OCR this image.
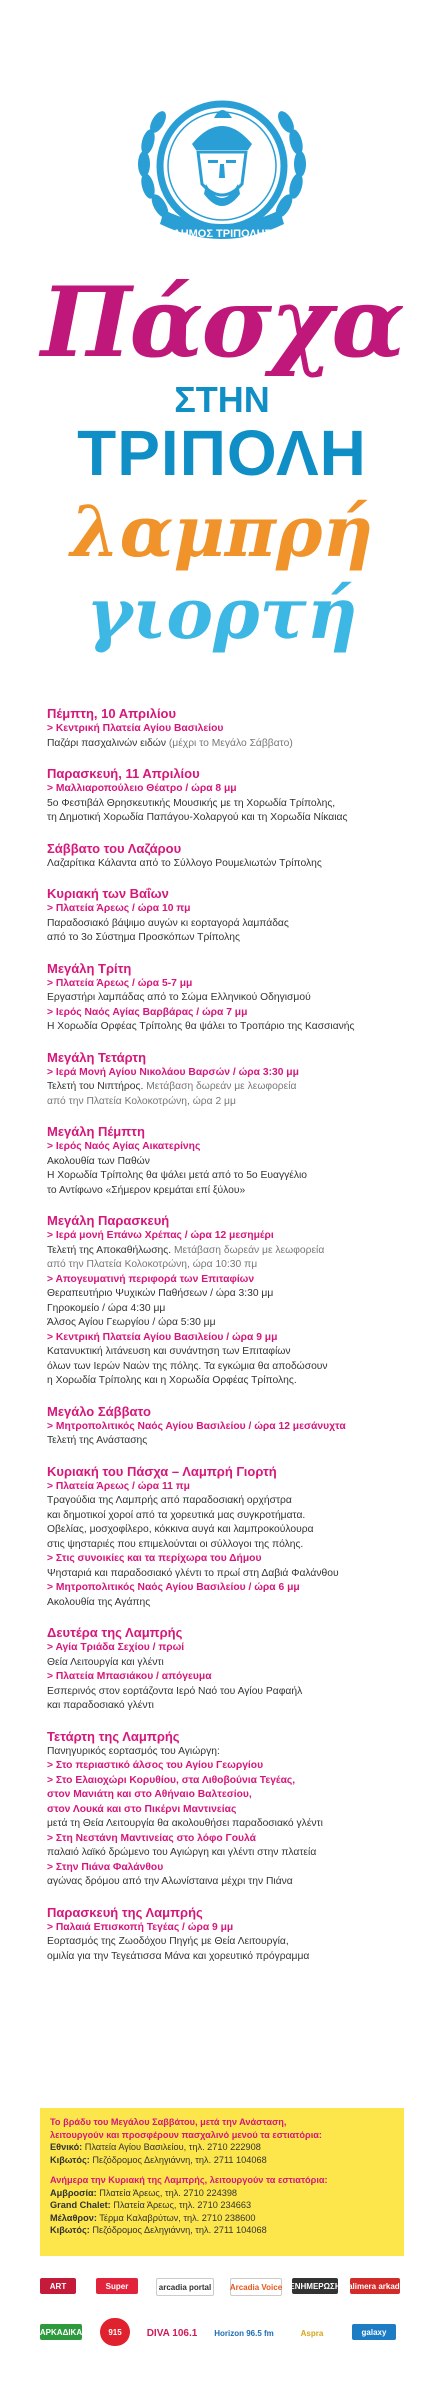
ΔΗΜΟΣ ΤΡΙΠΟΛΗΣ
Πάσχα
ΣΤΗΝ
ΤΡΙΠΟΛΗ
λαμπρή
γιορτή

Πέμπτη, 10 Απριλίου

> Κεντρική Πλατεία Αγίου Βασιλείου

Παζάρι πασχαλινών ειδών (μέχρι το Μεγάλο Σάββατο)

Παρασκευή, 11 Απριλίου

> Μαλλιαροπούλειο Θέατρο / ώρα 8 μμ

5ο Φεστιβάλ Θρησκευτικής Μουσικής με τη Χορωδία Τρίπολης,

τη Δημοτική Χορωδία Παπάγου-Χολαργού και τη Χορωδία Νίκαιας

Σάββατο του Λαζάρου

Λαζαρίτικα Κάλαντα από το Σύλλογο Ρουμελιωτών Τρίπολης

Κυριακή των Βαΐων

> Πλατεία Άρεως / ώρα 10 πμ

Παραδοσιακό βάψιμο αυγών κι εορταγορά λαμπάδας

από το 3ο Σύστημα Προσκόπων Τρίπολης

Μεγάλη Τρίτη

> Πλατεία Άρεως / ώρα 5-7 μμ

Εργαστήρι λαμπάδας από το Σώμα Ελληνικού Οδηγισμού

> Ιερός Ναός Αγίας Βαρβάρας / ώρα 7 μμ

Η Χορωδία Ορφέας Τρίπολης θα ψάλει το Τροπάριο της Κασσιανής

Μεγάλη Τετάρτη

> Ιερά Μονή Αγίου Νικολάου Βαρσών / ώρα 3:30 μμ

Τελετή του Νιπτήρος. Μετάβαση δωρεάν με λεωφορεία

από την Πλατεία Κολοκοτρώνη, ώρα 2 μμ

Μεγάλη Πέμπτη

> Ιερός Ναός Αγίας Αικατερίνης

Ακολουθία των Παθών

Η Χορωδία Τρίπολης θα ψάλει μετά από το 5ο Ευαγγέλιο

το Αντίφωνο «Σήμερον κρεμάται επί ξύλου»

Μεγάλη Παρασκευή

> Ιερά μονή Επάνω Χρέπας / ώρα 12 μεσημέρι

Τελετή της Αποκαθήλωσης. Μετάβαση δωρεάν με λεωφορεία

από την Πλατεία Κολοκοτρώνη, ώρα 10:30 πμ

> Απογευματινή περιφορά των Επιταφίων

Θεραπευτήριο Ψυχικών Παθήσεων / ώρα 3:30 μμ

Γηροκομείο / ώρα 4:30 μμ

Άλσος Αγίου Γεωργίου / ώρα 5:30 μμ

> Κεντρική Πλατεία Αγίου Βασιλείου / ώρα 9 μμ

Κατανυκτική λιτάνευση και συνάντηση των Επιταφίων

όλων των Ιερών Ναών της πόλης. Τα εγκώμια θα αποδώσουν

η Χορωδία Τρίπολης και η Χορωδία Ορφέας Τρίπολης.

Μεγάλο Σάββατο

> Μητροπολιτικός Ναός Αγίου Βασιλείου / ώρα 12 μεσάνυχτα

Τελετή της Ανάστασης

Κυριακή του Πάσχα – Λαμπρή Γιορτή

> Πλατεία Άρεως / ώρα 11 πμ

Τραγούδια της Λαμπρής από παραδοσιακή ορχήστρα

και δημοτικοί χοροί από τα χορευτικά μας συγκροτήματα.

Οβελίας, μοσχοφίλερο, κόκκινα αυγά και λαμπροκούλουρα

στις ψησταριές που επιμελούνται οι σύλλογοι της πόλης.

> Στις συνοικίες και τα περίχωρα του Δήμου

Ψησταριά και παραδοσιακό γλέντι το πρωί στη Δαβιά Φαλάνθου

> Μητροπολιτικός Ναός Αγίου Βασιλείου / ώρα 6 μμ

Ακολουθία της Αγάπης

Δευτέρα της Λαμπρής

> Αγία Τριάδα Σεχίου / πρωί

Θεία Λειτουργία και γλέντι

> Πλατεία Μπασιάκου / απόγευμα

Εσπερινός στον εορτάζοντα Ιερό Ναό του Αγίου Ραφαήλ

και παραδοσιακό γλέντι

Τετάρτη της Λαμπρής

Πανηγυρικός εορτασμός του Αγιώργη:

> Στο περιαστικό άλσος του Αγίου Γεωργίου

> Στο Ελαιοχώρι Κορυθίου, στα Λιθοβούνια Τεγέας,

στον Μανιάτη και στο Αθήναιο Βαλτεσίου,

στον Λουκά και στο Πικέρνι Μαντινείας

μετά τη Θεία Λειτουργία θα ακολουθήσει παραδοσιακό γλέντι

> Στη Νεστάνη Μαντινείας στο λόφο Γουλά

παλαιό λαϊκό δρώμενο του Αγιώργη και γλέντι στην πλατεία

> Στην Πιάνα Φαλάνθου

αγώνας δρόμου από την Αλωνίσταινα μέχρι την Πιάνα

Παρασκευή της Λαμπρής

> Παλαιά Επισκοπή Τεγέας / ώρα 9 μμ

Εορτασμός της Ζωοδόχου Πηγής με Θεία Λειτουργία,

ομιλία για την Τεγεάτισσα Μάνα και χορευτικό πρόγραμμα

Το βράδυ του Μεγάλου Σαββάτου, μετά την Ανάσταση,

λειτουργούν και προσφέρουν πασχαλινό μενού τα εστιατόρια:

Εθνικό: Πλατεία Αγίου Βασιλείου, τηλ. 2710 222908

Κιβωτός: Πεζόδρομος Δεληγιάννη, τηλ. 2711 104068

Ανήμερα την Κυριακή της Λαμπρής, λειτουργούν τα εστιατόρια:

Αμβροσία: Πλατεία Άρεως, τηλ. 2710 224398

Grand Chalet: Πλατεία Άρεως, τηλ. 2710 234663

Μέλαθρον: Τέρμα Καλαβρύτων, τηλ. 2710 238600

Κιβωτός: Πεζόδρομος Δεληγιάννη, τηλ. 2711 104068

ART	Super	arcadia portal	Arcadia Voice ΕΝΗΜΕΡΩΣΗ kalimera arkadia
ΑΡΚΑΔΙΚΑ	915	DIVA 106.1 Horizon 96.5 fm	Aspra	galaxy
